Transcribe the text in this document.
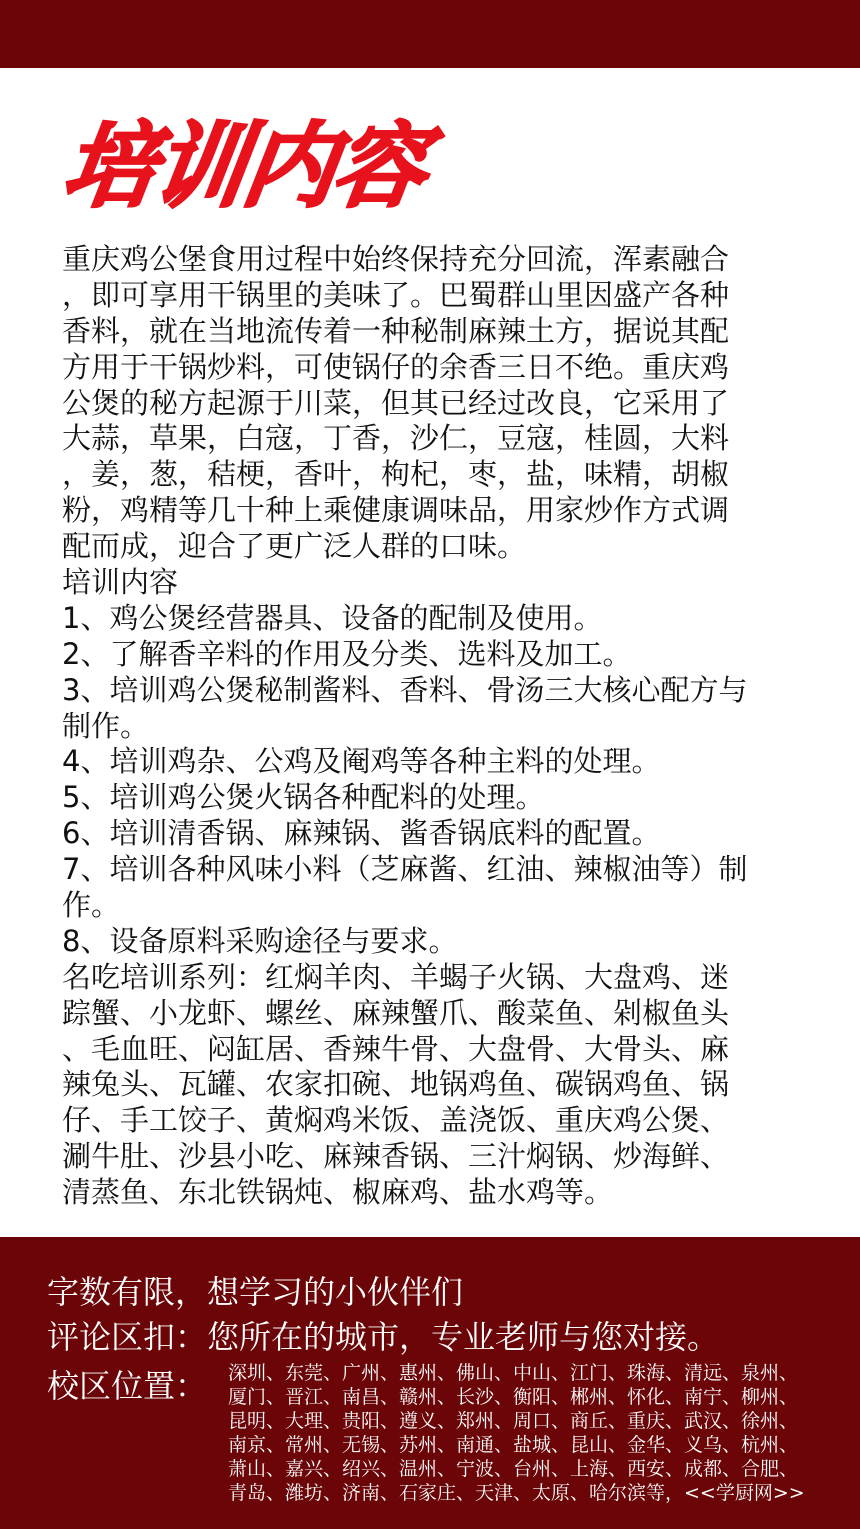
培训内容
重庆鸡公堡食用过程中始终保持充分回流，浑素融合
，即可享用干锅里的美味了。巴蜀群山里因盛产各种
香料，就在当地流传着一种秘制麻辣土方，据说其配
方用于干锅炒料，可使锅仔的余香三日不绝。重庆鸡
公煲的秘方起源于川菜，但其已经过改良，它采用了
大蒜，草果，白寇，丁香，沙仁，豆寇，桂圆，大料
，姜，葱，秸梗，香叶，枸杞，枣，盐，味精，胡椒
粉，鸡精等几十种上乘健康调味品，用家炒作方式调
配而成，迎合了更广泛人群的口味。
培训内容
1、鸡公煲经营器具、设备的配制及使用。
2、了解香辛料的作用及分类、选料及加工。
3、培训鸡公煲秘制酱料、香料、骨汤三大核心配方与
制作。
4、培训鸡杂、公鸡及阉鸡等各种主料的处理。
5、培训鸡公煲火锅各种配料的处理。
6、培训清香锅、麻辣锅、酱香锅底料的配置。
7、培训各种风味小料（芝麻酱、红油、辣椒油等）制
作。
8、设备原料采购途径与要求。
名吃培训系列：红焖羊肉、羊蝎子火锅、大盘鸡、迷
踪蟹、小龙虾、螺丝、麻辣蟹爪、酸菜鱼、剁椒鱼头
、毛血旺、闷缸居、香辣牛骨、大盘骨、大骨头、麻
辣兔头、瓦罐、农家扣碗、地锅鸡鱼、碳锅鸡鱼、锅
仔、手工饺子、黄焖鸡米饭、盖浇饭、重庆鸡公煲、
涮牛肚、沙县小吃、麻辣香锅、三汁焖锅、炒海鲜、
清蒸鱼、东北铁锅炖、椒麻鸡、盐水鸡等。
字数有限，想学习的小伙伴们
评论区扣：您所在的城市，专业老师与您对接。
校区位置： 深圳、东莞、广州、惠州、佛山、中山、江门、珠海、清远、泉州、
厦门、晋江、南昌、赣州、长沙、衡阳、郴州、怀化、南宁、柳州、
昆明、大理、贵阳、遵义、郑州、周口、商丘、重庆、武汉、徐州、
南京、常州、无锡、苏州、南通、盐城、昆山、金华、义乌、杭州、
萧山、嘉兴、绍兴、温州、宁波、台州、上海、西安、成都、合肥、
青岛、潍坊、济南、石家庄、天津、太原、哈尔滨等，<<学厨网>>
